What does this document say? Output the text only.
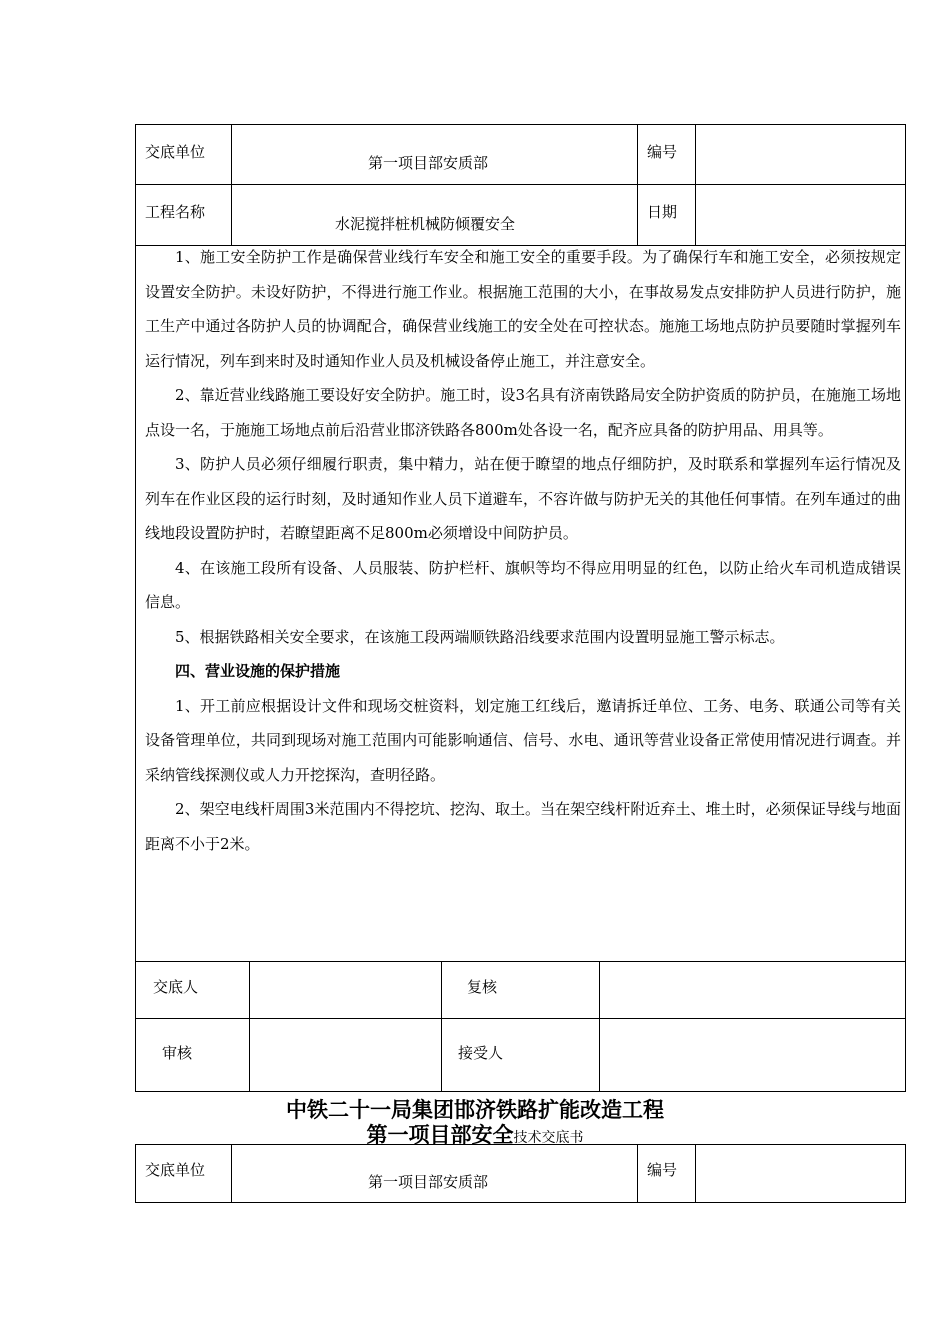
交底单位
第一项目部安质部
编号
工程名称
水泥搅拌桩机械防倾覆安全
日期

1、施工安全防护工作是确保营业线行车安全和施工安全的重要手段。为了确保行车和施工安全，必须按规定设置安全防护。未设好防护，不得进行施工作业。根据施工范围的大小，在事故易发点安排防护人员进行防护，施工生产中通过各防护人员的协调配合，确保营业线施工的安全处在可控状态。施施工场地点防护员要随时掌握列车运行情况，列车到来时及时通知作业人员及机械设备停止施工，并注意安全。

2、靠近营业线路施工要设好安全防护。施工时，设3名具有济南铁路局安全防护资质的防护员，在施施工场地点设一名，于施施工场地点前后沿营业邯济铁路各800m处各设一名，配齐应具备的防护用品、用具等。

3、防护人员必须仔细履行职责，集中精力，站在便于瞭望的地点仔细防护，及时联系和掌握列车运行情况及列车在作业区段的运行时刻，及时通知作业人员下道避车，不容许做与防护无关的其他任何事情。在列车通过的曲线地段设置防护时，若瞭望距离不足800m必须增设中间防护员。

4、在该施工段所有设备、人员服装、防护栏杆、旗帜等均不得应用明显的红色，以防止给火车司机造成错误信息。

5、根据铁路相关安全要求，在该施工段两端顺铁路沿线要求范围内设置明显施工警示标志。

四、营业设施的保护措施

1、开工前应根据设计文件和现场交桩资料，划定施工红线后，邀请拆迁单位、工务、电务、联通公司等有关设备管理单位，共同到现场对施工范围内可能影响通信、信号、水电、通讯等营业设备正常使用情况进行调查。并采纳管线探测仪或人力开挖探沟，查明径路。

2、架空电线杆周围3米范围内不得挖坑、挖沟、取土。当在架空线杆附近弃土、堆土时，必须保证导线与地面距离不小于2米。

交底人	复核
审核	接受人
中铁二十一局集团邯济铁路扩能改造工程
第一项目部安全技术交底书
交底单位
第一项目部安质部
编号
